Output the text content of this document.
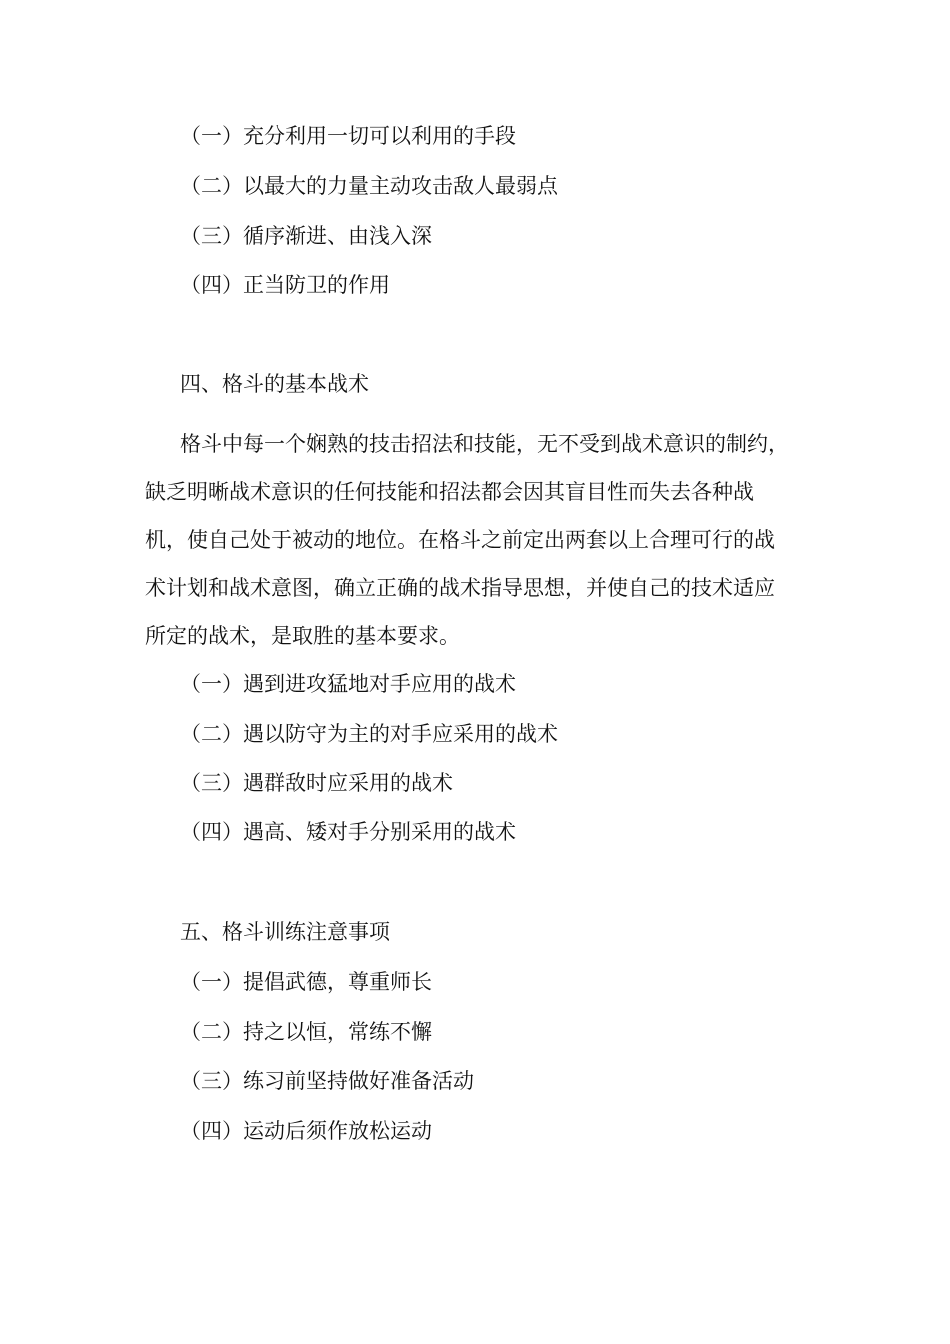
（一）充分利用一切可以利用的手段
（二）以最大的力量主动攻击敌人最弱点
（三）循序渐进、由浅入深
（四）正当防卫的作用
四、格斗的基本战术
格斗中每一个娴熟的技击招法和技能，无不受到战术意识的制约，
缺乏明晰战术意识的任何技能和招法都会因其盲目性而失去各种战
机，使自己处于被动的地位。在格斗之前定出两套以上合理可行的战
术计划和战术意图，确立正确的战术指导思想，并使自己的技术适应
所定的战术，是取胜的基本要求。
（一）遇到进攻猛地对手应用的战术
（二）遇以防守为主的对手应采用的战术
（三）遇群敌时应采用的战术
（四）遇高、矮对手分别采用的战术
五、格斗训练注意事项
（一）提倡武德，尊重师长
（二）持之以恒，常练不懈
（三）练习前坚持做好准备活动
（四）运动后须作放松运动
